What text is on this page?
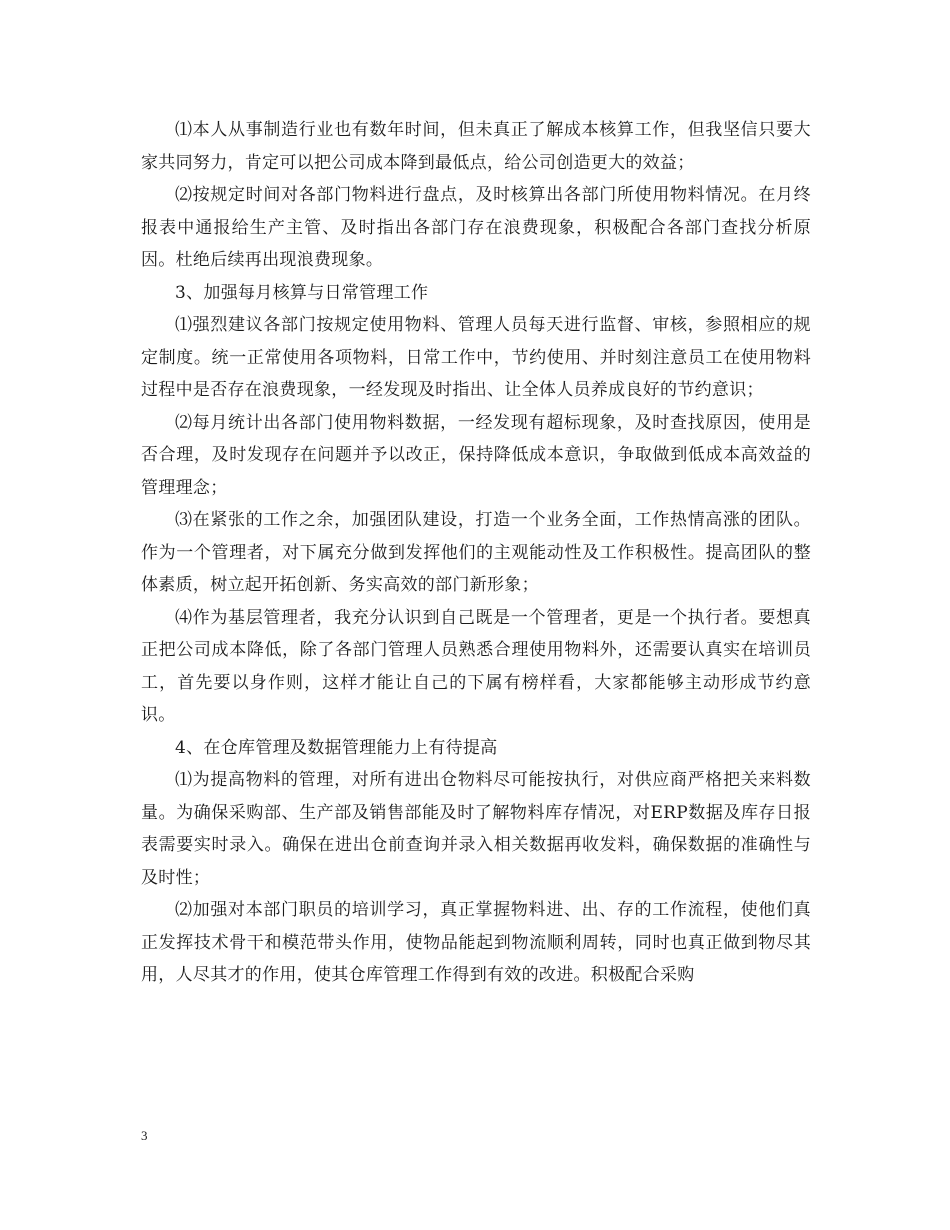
⑴本人从事制造行业也有数年时间，但未真正了解成本核算工作，但我坚信只要大家共同努力，肯定可以把公司成本降到最低点，给公司创造更大的效益；

⑵按规定时间对各部门物料进行盘点，及时核算出各部门所使用物料情况。在月终报表中通报给生产主管、及时指出各部门存在浪费现象，积极配合各部门查找分析原因。杜绝后续再出现浪费现象。

3、加强每月核算与日常管理工作

⑴强烈建议各部门按规定使用物料、管理人员每天进行监督、审核，参照相应的规定制度。统一正常使用各项物料，日常工作中，节约使用、并时刻注意员工在使用物料过程中是否存在浪费现象，一经发现及时指出、让全体人员养成良好的节约意识；

⑵每月统计出各部门使用物料数据，一经发现有超标现象，及时查找原因，使用是否合理，及时发现存在问题并予以改正，保持降低成本意识，争取做到低成本高效益的管理理念；

⑶在紧张的工作之余，加强团队建设，打造一个业务全面，工作热情高涨的团队。作为一个管理者，对下属充分做到发挥他们的主观能动性及工作积极性。提高团队的整体素质，树立起开拓创新、务实高效的部门新形象；

⑷作为基层管理者，我充分认识到自己既是一个管理者，更是一个执行者。要想真正把公司成本降低，除了各部门管理人员熟悉合理使用物料外，还需要认真实在培训员工，首先要以身作则，这样才能让自己的下属有榜样看，大家都能够主动形成节约意识。

4、在仓库管理及数据管理能力上有待提高

⑴为提高物料的管理，对所有进出仓物料尽可能按执行，对供应商严格把关来料数量。为确保采购部、生产部及销售部能及时了解物料库存情况，对ERP数据及库存日报表需要实时录入。确保在进出仓前查询并录入相关数据再收发料，确保数据的准确性与及时性；

⑵加强对本部门职员的培训学习，真正掌握物料进、出、存的工作流程，使他们真正发挥技术骨干和模范带头作用，使物品能起到物流顺利周转，同时也真正做到物尽其用，人尽其才的作用，使其仓库管理工作得到有效的改进。积极配合采购

3
